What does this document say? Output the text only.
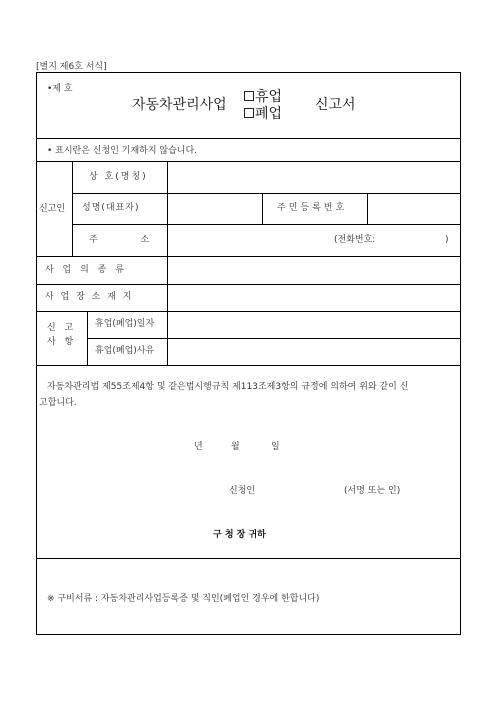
[별지 제6호 서식]
•제 호
자동차관리사업	휴업
폐업
신고서
• 표시란은 신청인 기재하지 않습니다.
신고인
상 호(명칭)
성명(대표자)	주민등록번호
주 소	(전화번호:	)
사 업 의 종 류
사 업 장 소 재 지
신 고
사 항
휴업(폐업)일자
휴업(폐업)사유
자동차관리법 제55조제4항 및 같은법시행규칙 제113조제3항의 규정에 의하여 위와 같이 신
고합니다.
년	월	일
신청인	(서명 또는 인)
구 청 장 귀하
※ 구비서류 : 자동차관리사업등록증 및 직인(폐업인 경우에 한합니다)
